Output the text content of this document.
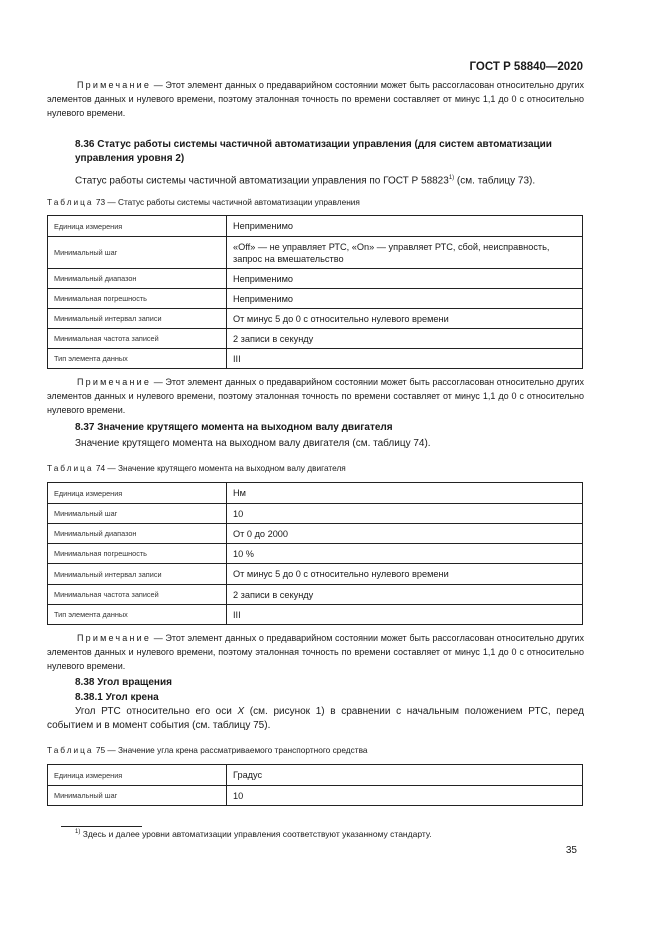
ГОСТ Р 58840—2020
Примечание — Этот элемент данных о предаварийном состоянии может быть рассогласован относительно других элементов данных и нулевого времени, поэтому эталонная точность по времени составляет от минус 1,1 до 0 с относительно нулевого времени.
8.36 Статус работы системы частичной автоматизации управления (для систем автоматизации управления уровня 2)
Статус работы системы частичной автоматизации управления по ГОСТ Р 58823$^{1)}$ (см. таблицу 73).
Таблица 73 — Статус работы системы частичной автоматизации управления
Единица измерения	Неприменимо
Минимальный шаг	«Off» — не управляет РТС, «On» — управляет РТС, сбой, неисправность, запрос на вмешательство
Минимальный диапазон	Неприменимо
Минимальная погрешность	Неприменимо
Минимальный интервал записи	От минус 5 до 0 с относительно нулевого времени
Минимальная частота записей	2 записи в секунду
Тип элемента данных	III
Примечание — Этот элемент данных о предаварийном состоянии может быть рассогласован относительно других элементов данных и нулевого времени, поэтому эталонная точность по времени составляет от минус 1,1 до 0 с относительно нулевого времени.
8.37 Значение крутящего момента на выходном валу двигателя
Значение крутящего момента на выходном валу двигателя (см. таблицу 74).
Таблица 74 — Значение крутящего момента на выходном валу двигателя
Единица измерения	Нм
Минимальный шаг	10
Минимальный диапазон	От 0 до 2000
Минимальная погрешность	10 %
Минимальный интервал записи	От минус 5 до 0 с относительно нулевого времени
Минимальная частота записей	2 записи в секунду
Тип элемента данных	III
Примечание — Этот элемент данных о предаварийном состоянии может быть рассогласован относительно других элементов данных и нулевого времени, поэтому эталонная точность по времени составляет от минус 1,1 до 0 с относительно нулевого времени.
8.38 Угол вращения
8.38.1 Угол крена
Угол РТС относительно его оси X (см. рисунок 1) в сравнении с начальным положением РТС, перед событием и в момент события (см. таблицу 75).
Таблица 75 — Значение угла крена рассматриваемого транспортного средства
Единица измерения	Градус
Минимальный шаг	10
$^{1)}$ Здесь и далее уровни автоматизации управления соответствуют указанному стандарту.
35
